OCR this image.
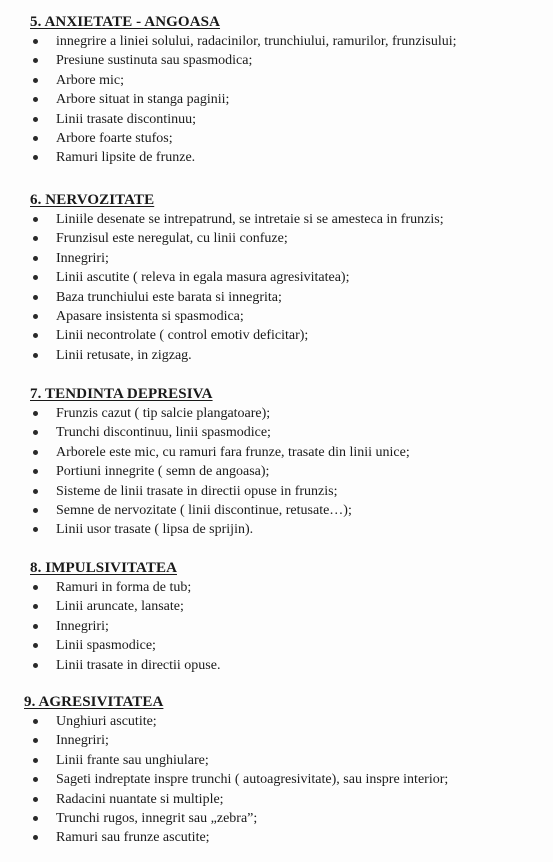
5. ANXIETATE - ANGOASA
innegrire a liniei solului, radacinilor, trunchiului, ramurilor, frunzisului;
Presiune sustinuta sau spasmodica;
Arbore mic;
Arbore situat in stanga paginii;
Linii trasate discontinuu;
Arbore foarte stufos;
Ramuri lipsite de frunze.
6. NERVOZITATE
Liniile desenate se intrepatrund, se intretaie si se amesteca in frunzis;
Frunzisul este neregulat, cu linii confuze;
Innegriri;
Linii ascutite ( releva in egala masura agresivitatea);
Baza trunchiului este barata si innegrita;
Apasare insistenta si spasmodica;
Linii necontrolate ( control emotiv deficitar);
Linii retusate, in zigzag.
7. TENDINTA DEPRESIVA
Frunzis cazut ( tip salcie plangatoare);
Trunchi discontinuu, linii spasmodice;
Arborele este mic, cu ramuri fara frunze, trasate din linii unice;
Portiuni innegrite ( semn de angoasa);
Sisteme de linii trasate in directii opuse in frunzis;
Semne de nervozitate ( linii discontinue, retusate…);
Linii usor trasate ( lipsa de sprijin).
8. IMPULSIVITATEA
Ramuri in forma de tub;
Linii aruncate, lansate;
Innegriri;
Linii spasmodice;
Linii trasate in directii opuse.
9. AGRESIVITATEA
Unghiuri ascutite;
Innegriri;
Linii frante sau unghiulare;
Sageti indreptate inspre trunchi ( autoagresivitate), sau inspre interior;
Radacini nuantate si multiple;
Trunchi rugos, innegrit sau „zebra”;
Ramuri sau frunze ascutite;
